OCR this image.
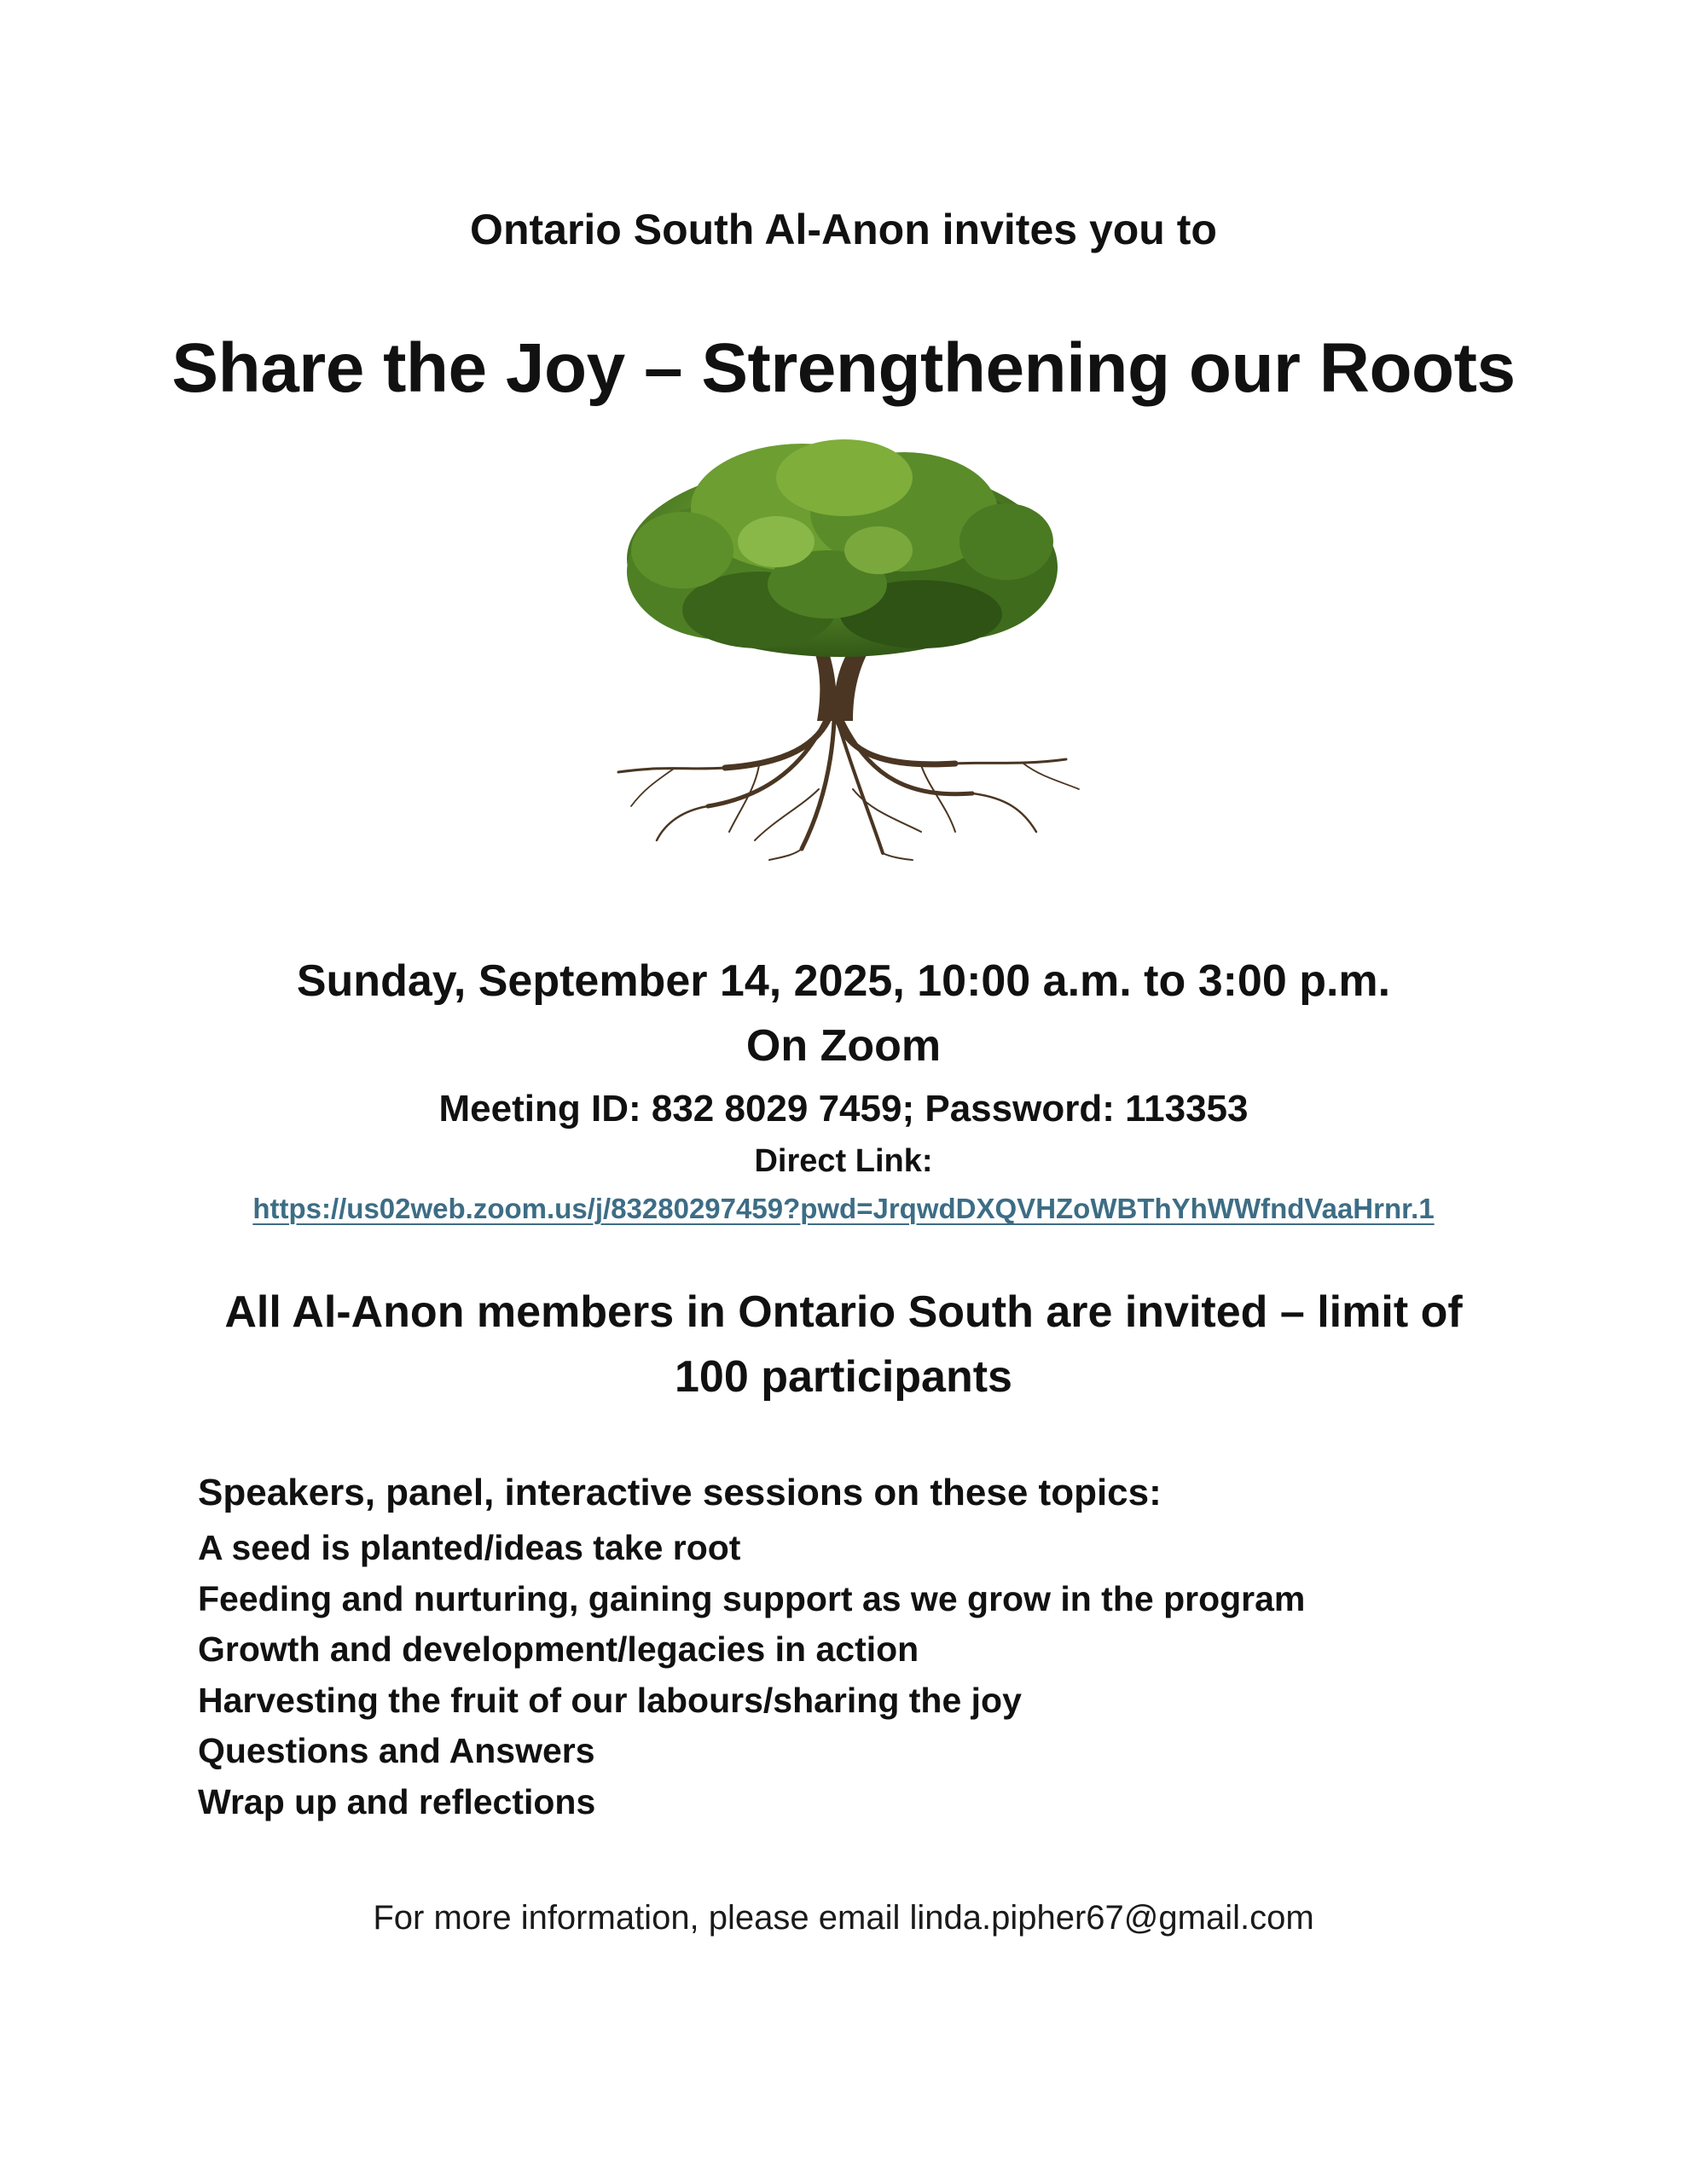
Ontario South Al-Anon invites you to
Share the Joy – Strengthening our Roots
Sunday, September 14, 2025, 10:00 a.m. to 3:00 p.m.
On Zoom
Meeting ID: 832 8029 7459; Password: 113353
Direct Link:
https://us02web.zoom.us/j/83280297459?pwd=JrqwdDXQVHZoWBThYhWWfndVaaHrnr.1
All Al-Anon members in Ontario South are invited – limit of
100 participants
Speakers, panel, interactive sessions on these topics:
A seed is planted/ideas take root
Feeding and nurturing, gaining support as we grow in the program
Growth and development/legacies in action
Harvesting the fruit of our labours/sharing the joy
Questions and Answers
Wrap up and reflections
For more information, please email linda.pipher67@gmail.com
